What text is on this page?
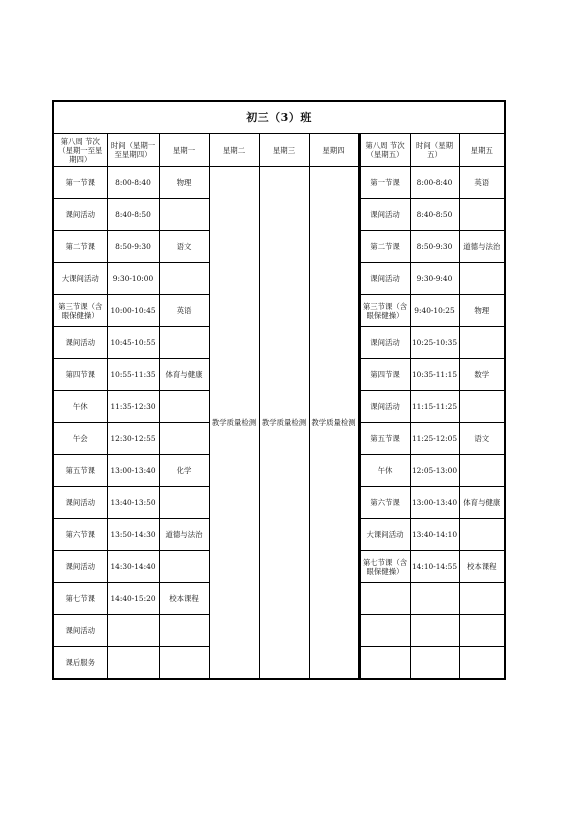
初三（3）班								
第八周 节次（星期一至星期四）	时间（星期一至星期四）	星期一	星期二	星期三	星期四	第八周 节次（星期五）	时间（星期五）	星期五
第一节课	8:00-8:40	物理	教学质量检测	教学质量检测	教学质量检测	第一节课	8:00-8:40	英语
课间活动	8:40-8:50					课间活动	8:40-8:50	
第二节课	8:50-9:30	语文				第二节课	8:50-9:30	道德与法治
大课间活动	9:30-10:00					课间活动	9:30-9:40	
第三节课（含眼保健操）	10:00-10:45	英语				第三节课（含眼保健操）	9:40-10:25	物理
课间活动	10:45-10:55					课间活动	10:25-10:35	
第四节课	10:55-11:35	体育与健康				第四节课	10:35-11:15	数学
午休	11:35-12:30					课间活动	11:15-11:25	
午会	12:30-12:55					第五节课	11:25-12:05	语文
第五节课	13:00-13:40	化学				午休	12:05-13:00	
课间活动	13:40-13:50					第六节课	13:00-13:40	体育与健康
第六节课	13:50-14:30	道德与法治				大课间活动	13:40-14:10	
课间活动	14:30-14:40					第七节课（含眼保健操）	14:10-14:55	校本课程
第七节课	14:40-15:20	校本课程						
课间活动								
课后服务								
